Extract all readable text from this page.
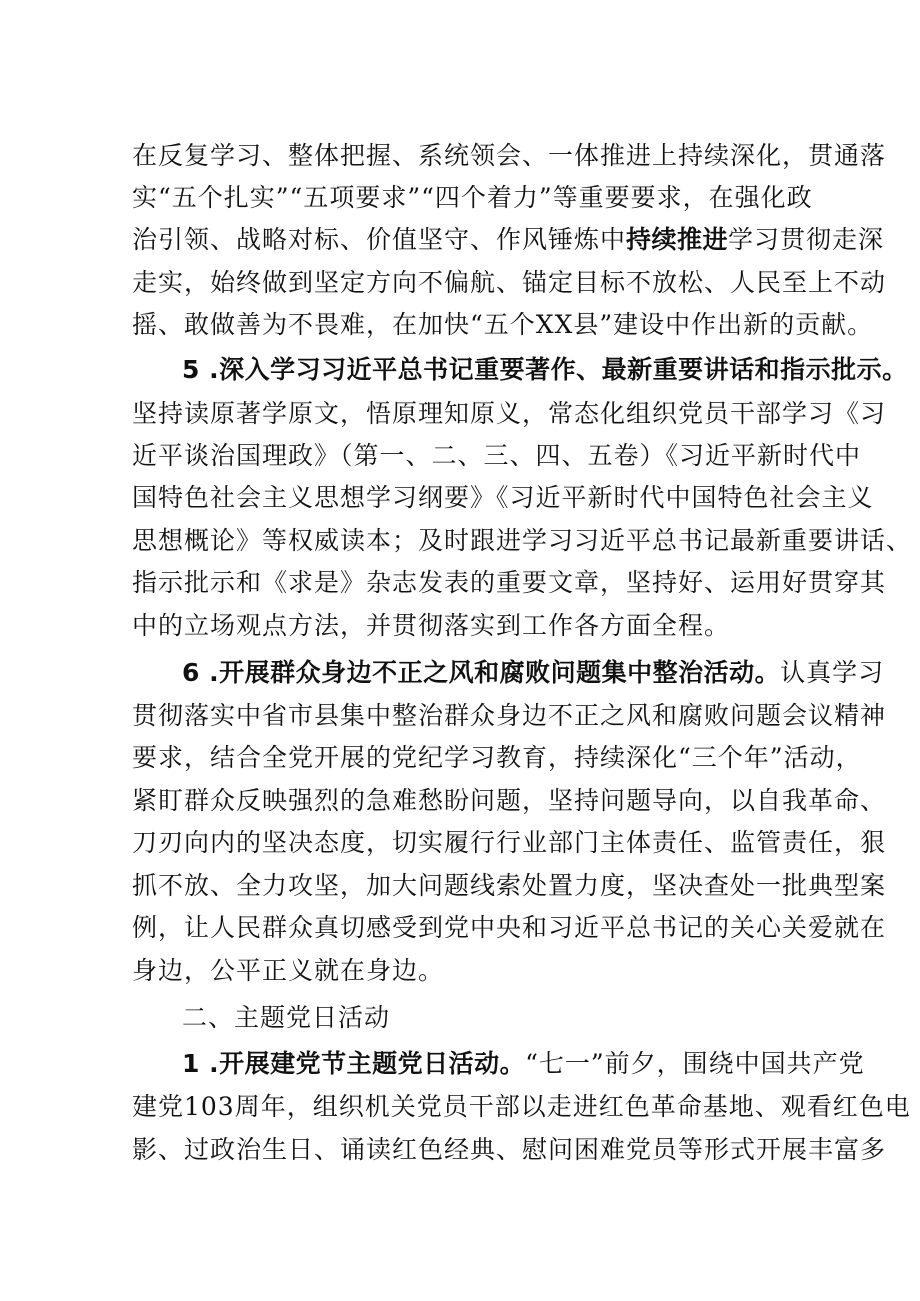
在反复学习、整体把握、系统领会、一体推进上持续深化，贯通落
实“五个扎实”“五项要求”“四个着力”等重要要求，在强化政
治引领、战略对标、价值坚守、作风锤炼中持续推进学习贯彻走深
走实，始终做到坚定方向不偏航、锚定目标不放松、人民至上不动
摇、敢做善为不畏难，在加快“五个XX县”建设中作出新的贡献。
5 .深入学习习近平总书记重要著作、最新重要讲话和指示批示。
坚持读原著学原文，悟原理知原义，常态化组织党员干部学习《习
近平谈治国理政》（第一、二、三、四、五卷）《习近平新时代中
国特色社会主义思想学习纲要》《习近平新时代中国特色社会主义
思想概论》等权威读本；及时跟进学习习近平总书记最新重要讲话、
指示批示和《求是》杂志发表的重要文章，坚持好、运用好贯穿其
中的立场观点方法，并贯彻落实到工作各方面全程。
6 .开展群众身边不正之风和腐败问题集中整治活动。认真学习
贯彻落实中省市县集中整治群众身边不正之风和腐败问题会议精神
要求，结合全党开展的党纪学习教育，持续深化“三个年”活动，
紧盯群众反映强烈的急难愁盼问题，坚持问题导向，以自我革命、
刀刃向内的坚决态度，切实履行行业部门主体责任、监管责任，狠
抓不放、全力攻坚，加大问题线索处置力度，坚决查处一批典型案
例，让人民群众真切感受到党中央和习近平总书记的关心关爱就在
身边，公平正义就在身边。
二、主题党日活动
1 .开展建党节主题党日活动。“七一”前夕，围绕中国共产党
建党103周年，组织机关党员干部以走进红色革命基地、观看红色电
影、过政治生日、诵读红色经典、慰问困难党员等形式开展丰富多
